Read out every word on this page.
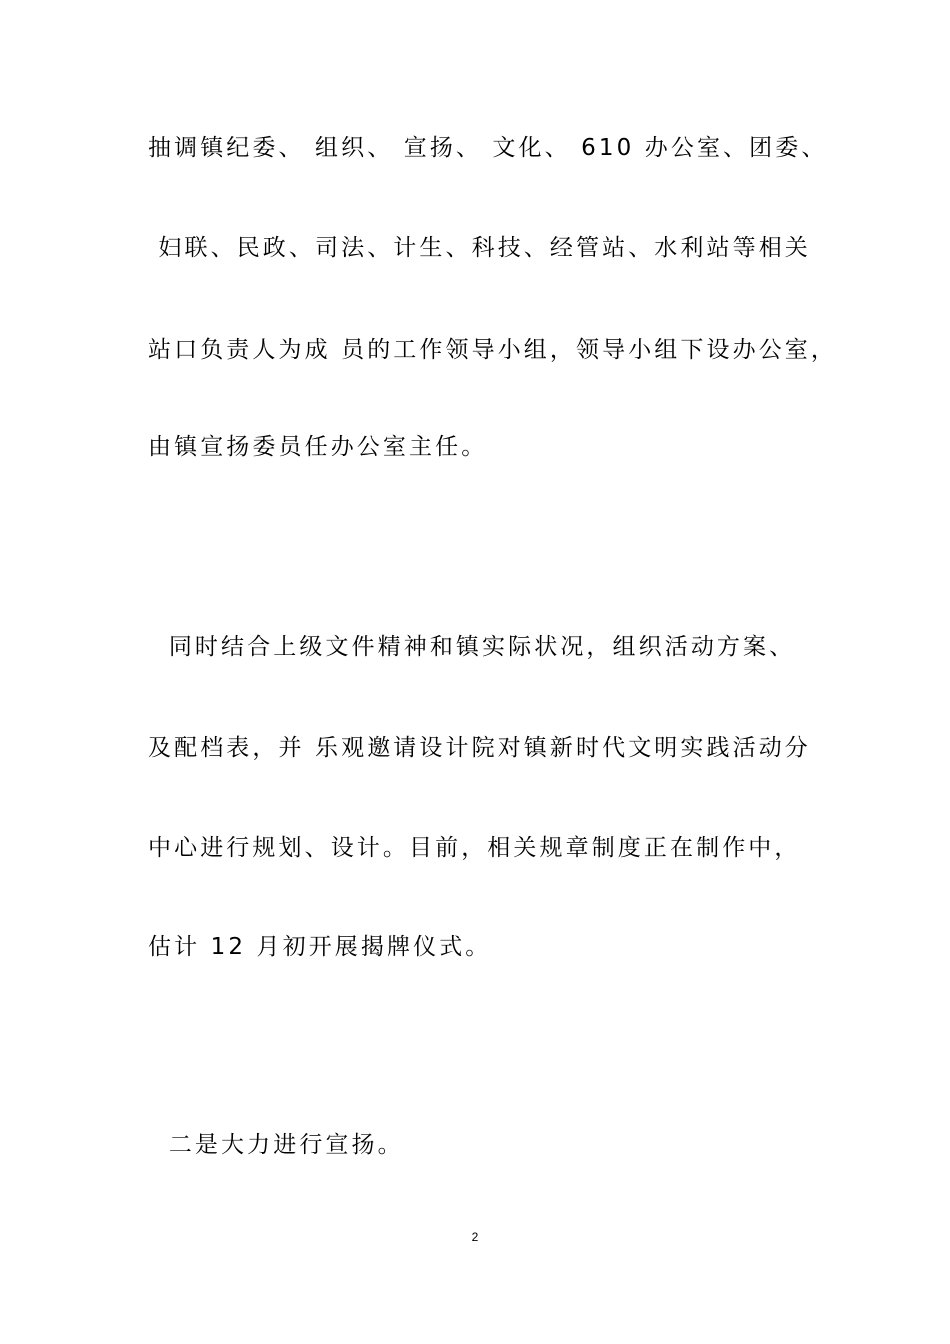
抽调镇纪委、 组织、 宣扬、 文化、 610 办公室、团委、
妇联、民政、司法、计生、科技、经管站、水利站等相关
站口负责人为成 员的工作领导小组，领导小组下设办公室，
由镇宣扬委员任办公室主任。
同时结合上级文件精神和镇实际状况，组织活动方案、
及配档表，并 乐观邀请设计院对镇新时代文明实践活动分
中心进行规划、设计。目前，相关规章制度正在制作中，
估计 12 月初开展揭牌仪式。
二是大力进行宣扬。
2
